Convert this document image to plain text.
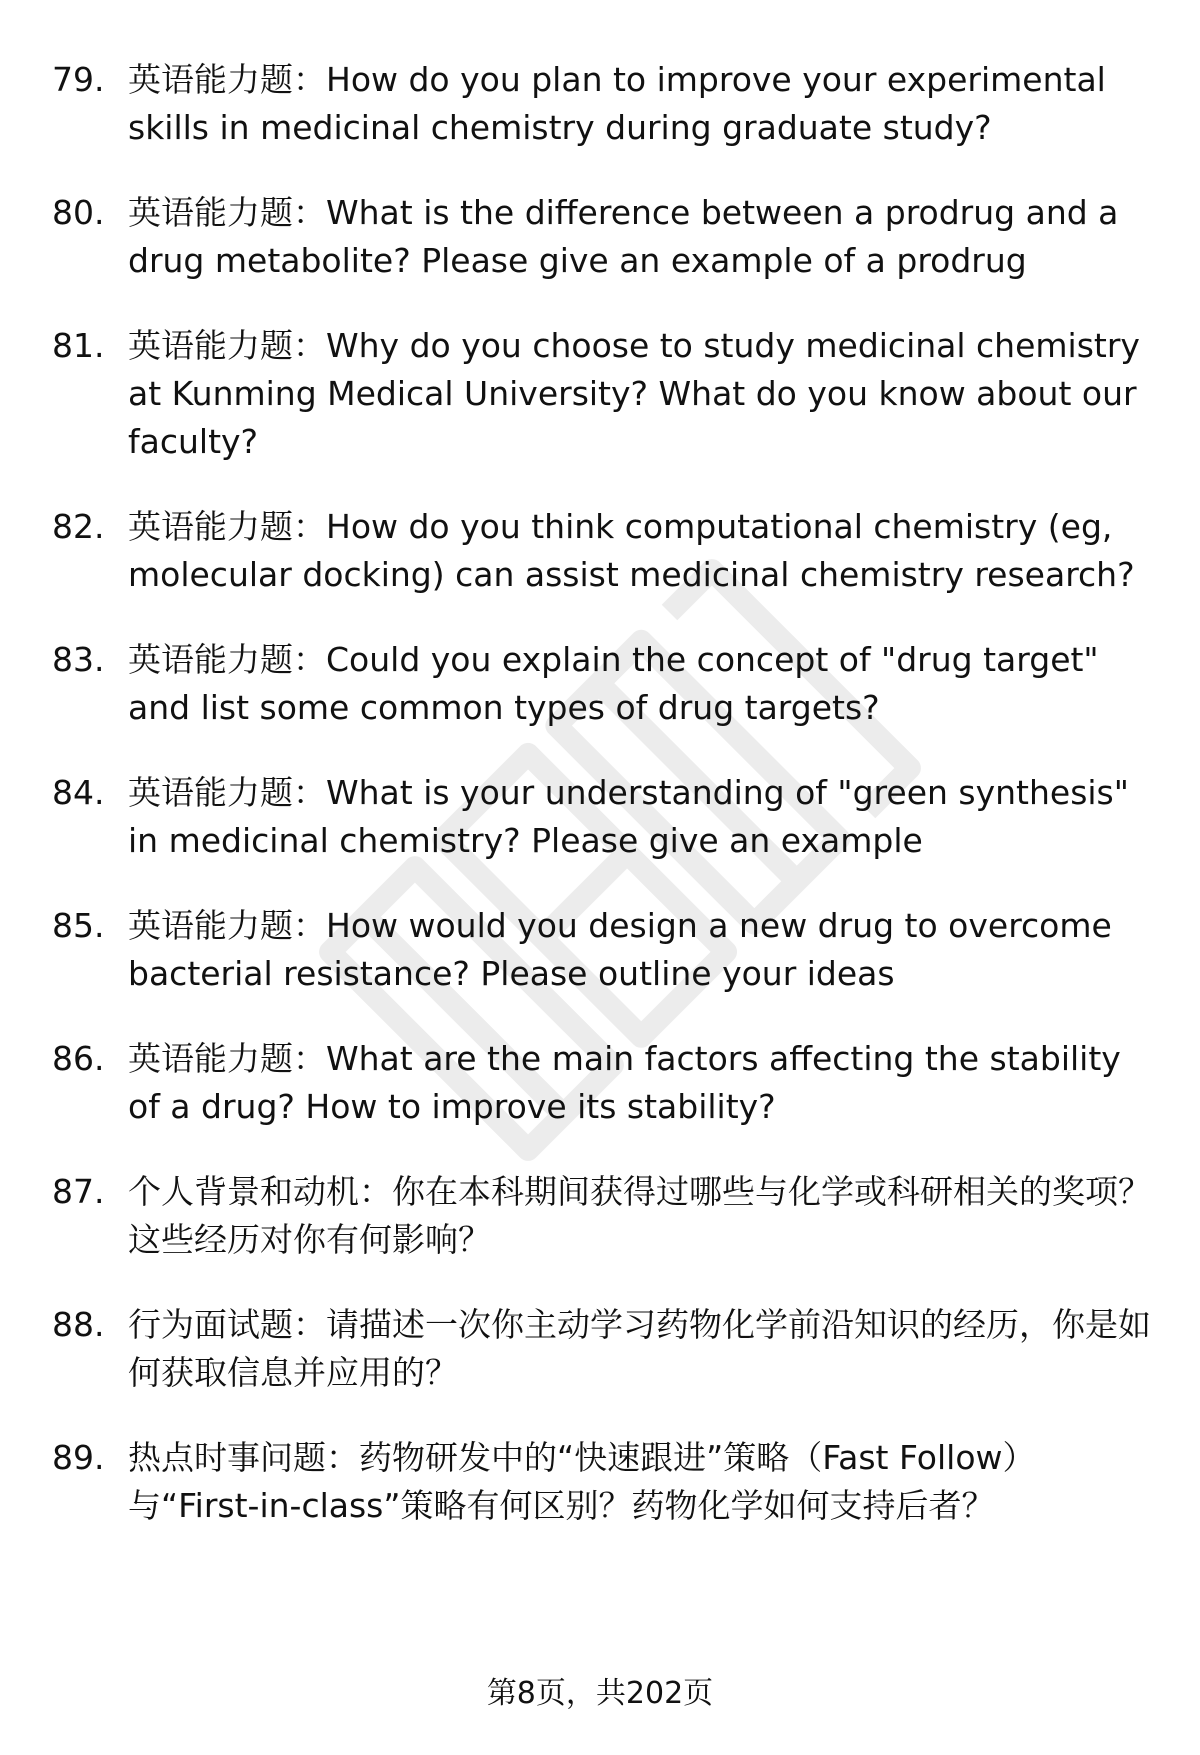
79. 英语能力题：How do you plan to improve your experimental skills in medicinal chemistry during graduate study?
80. 英语能力题：What is the difference between a prodrug and a drug metabolite? Please give an example of a prodrug
81. 英语能力题：Why do you choose to study medicinal chemistry at Kunming Medical University? What do you know about our faculty?
82. 英语能力题：How do you think computational chemistry (eg, molecular docking) can assist medicinal chemistry research?
83. 英语能力题：Could you explain the concept of "drug target" and list some common types of drug targets?
84. 英语能力题：What is your understanding of "green synthesis" in medicinal chemistry? Please give an example
85. 英语能力题：How would you design a new drug to overcome bacterial resistance? Please outline your ideas
86. 英语能力题：What are the main factors affecting the stability of a drug? How to improve its stability?
87. 个人背景和动机：你在本科期间获得过哪些与化学或科研相关的奖项？这些经历对你有何影响？
88. 行为面试题：请描述一次你主动学习药物化学前沿知识的经历，你是如何获取信息并应用的？
89. 热点时事问题：药物研发中的“快速跟进”策略（Fast Follow）与“First-in-class”策略有何区别？药物化学如何支持后者？
第8页，共202页
